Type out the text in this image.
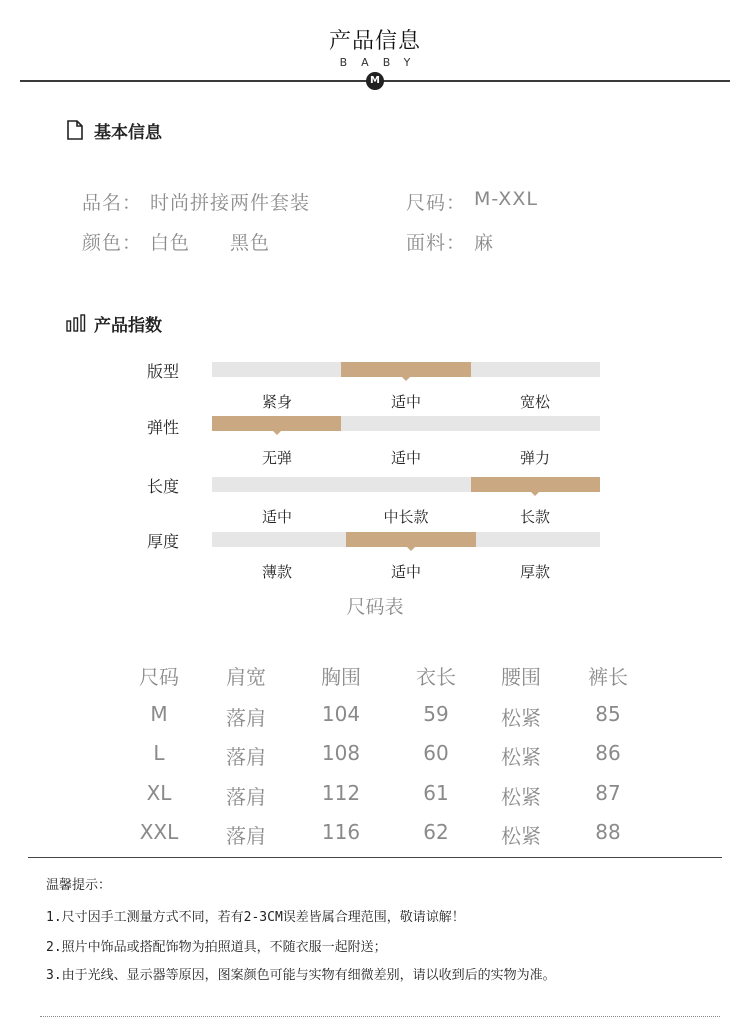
产品信息
BABY
M
基本信息
品名： 时尚拼接两件套装	尺码： M-XXL
颜色： 白色 黑色	面料： 麻
产品指数
版型
紧身	适中	宽松
弹性
无弹	适中	弹力
长度
适中	中长款	长款
厚度
薄款	适中	厚款
尺码表
尺码	肩宽	胸围	衣长	腰围	裤长
M	落肩	104	59	松紧	85
L	落肩	108	60	松紧	86
XL	落肩	112	61	松紧	87
XXL	落肩	116	62	松紧	88
温馨提示：
1.尺寸因手工测量方式不同，若有2-3CM误差皆属合理范围，敬请谅解！
2.照片中饰品或搭配饰物为拍照道具，不随衣服一起附送；
3.由于光线、显示器等原因，图案颜色可能与实物有细微差别，请以收到后的实物为准。
